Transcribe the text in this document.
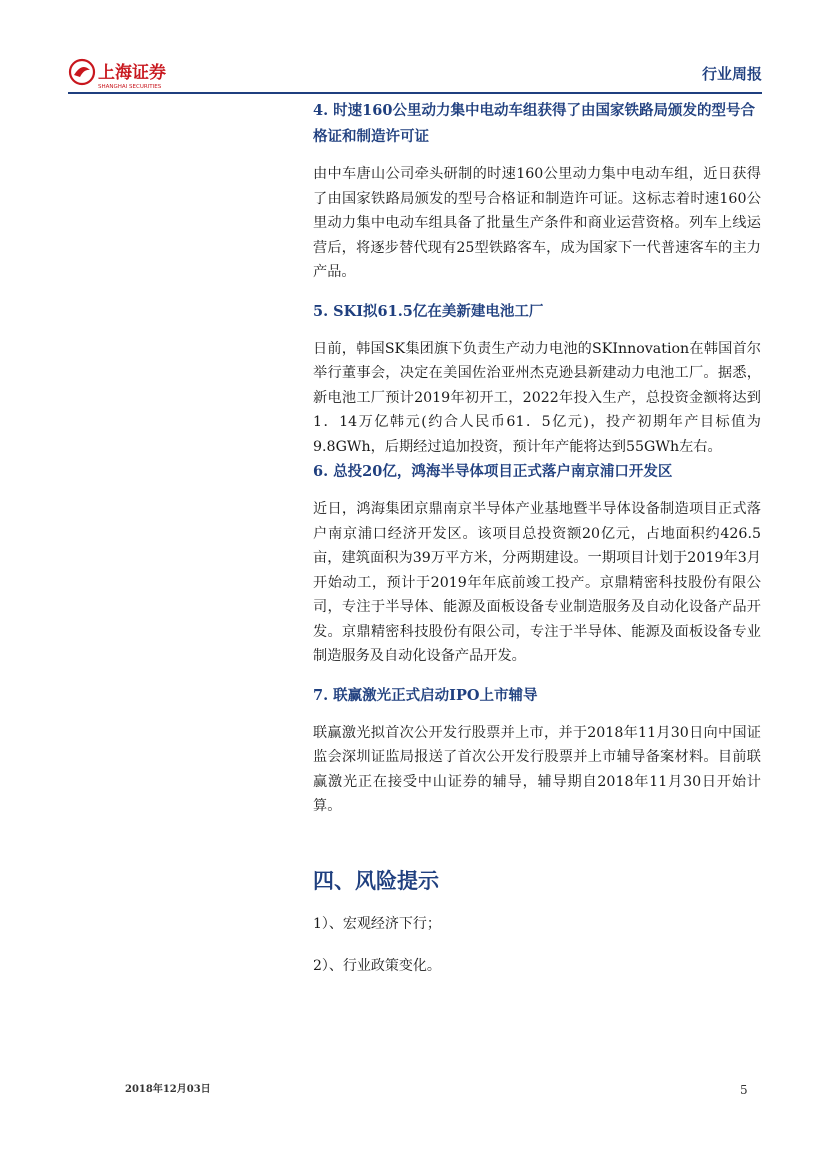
上海证券
SHANGHAI SECURITIES
行业周报

4. 时速160公里动力集中电动车组获得了由国家铁路局颁发的型号合格证和制造许可证

由中车唐山公司牵头研制的时速160公里动力集中电动车组，近日获得了由国家铁路局颁发的型号合格证和制造许可证。这标志着时速160公里动力集中电动车组具备了批量生产条件和商业运营资格。列车上线运营后，将逐步替代现有25型铁路客车，成为国家下一代普速客车的主力产品。

5. SKI拟61.5亿在美新建电池工厂

日前，韩国SK集团旗下负责生产动力电池的SKInnovation在韩国首尔举行董事会，决定在美国佐治亚州杰克逊县新建动力电池工厂。据悉，新电池工厂预计2019年初开工，2022年投入生产，总投资金额将达到1．14万亿韩元(约合人民币61．5亿元)，投产初期年产目标值为9.8GWh，后期经过追加投资，预计年产能将达到55GWh左右。

6. 总投20亿，鸿海半导体项目正式落户南京浦口开发区

近日，鸿海集团京鼎南京半导体产业基地暨半导体设备制造项目正式落户南京浦口经济开发区。该项目总投资额20亿元，占地面积约426.5亩，建筑面积为39万平方米，分两期建设。一期项目计划于2019年3月开始动工，预计于2019年年底前竣工投产。京鼎精密科技股份有限公司，专注于半导体、能源及面板设备专业制造服务及自动化设备产品开发。京鼎精密科技股份有限公司，专注于半导体、能源及面板设备专业制造服务及自动化设备产品开发。

7. 联赢激光正式启动IPO上市辅导

联赢激光拟首次公开发行股票并上市，并于2018年11月30日向中国证监会深圳证监局报送了首次公开发行股票并上市辅导备案材料。目前联赢激光正在接受中山证券的辅导，辅导期自2018年11月30日开始计算。

四、风险提示

1）、宏观经济下行；

2）、行业政策变化。

2018年12月03日	5
